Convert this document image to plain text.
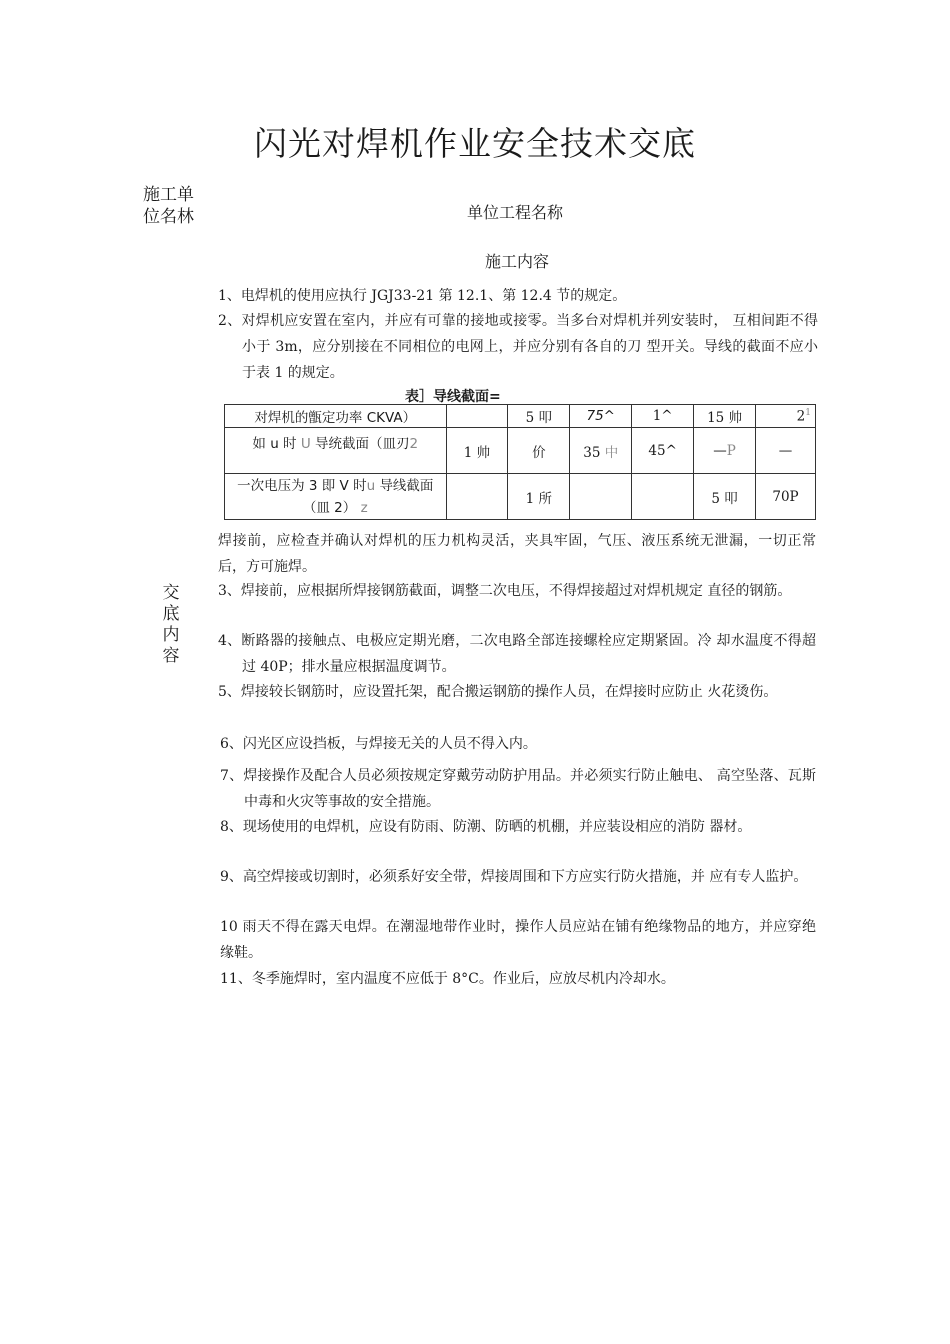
闪光对焊机作业安全技术交底
施工单位名林	单位工程名称
施工内容
交底内容
1、电焊机的使用应执行 JGJ33-21 第 12.1、第 12.4 节的规定。
2、对焊机应安置在室内，并应有可靠的接地或接零。当多台对焊机并列安装时， 互相间距不得小于 3m，应分别接在不同相位的电网上，并应分别有各自的刀 型开关。导线的截面不应小于表 1 的规定。
表］导线截面=
对焊机的甑定功率 CKVA）		5 叩	75^	1^	15 帅	$2^1$
如 u 时 U 导统截面（皿刃2	1 帅	价	35 中	45^	—P	—
一次电压为 3 即 V 时u 导线截面
（皿 2） z		1 所			5 叩	70P
焊接前，应检查并确认对焊机的压力机构灵活，夹具牢固，气压、液压系统无泄漏，一切正常后，方可施焊。
3、焊接前，应根据所焊接钢筋截面，调整二次电压，不得焊接超过对焊机规定 直径的钢筋。
4、断路器的接触点、电极应定期光磨，二次电路全部连接螺栓应定期紧固。冷 却水温度不得超过 40P；排水量应根据温度调节。
5、焊接较长钢筋时，应设置托架，配合搬运钢筋的操作人员，在焊接时应防止 火花烫伤。
6、闪光区应设挡板，与焊接无关的人员不得入内。
7、焊接操作及配合人员必须按规定穿戴劳动防护用品。并必须实行防止触电、 高空坠落、瓦斯中毒和火灾等事故的安全措施。
8、现场使用的电焊机，应设有防雨、防潮、防晒的机棚，并应装设相应的消防 器材。
9、高空焊接或切割时，必须系好安全带，焊接周围和下方应实行防火措施，并 应有专人监护。
10 雨天不得在露天电焊。在潮湿地带作业时，操作人员应站在铺有绝缘物品的地方，并应穿绝缘鞋。
11、冬季施焊时，室内温度不应低于 8°C。作业后，应放尽机内冷却水。
